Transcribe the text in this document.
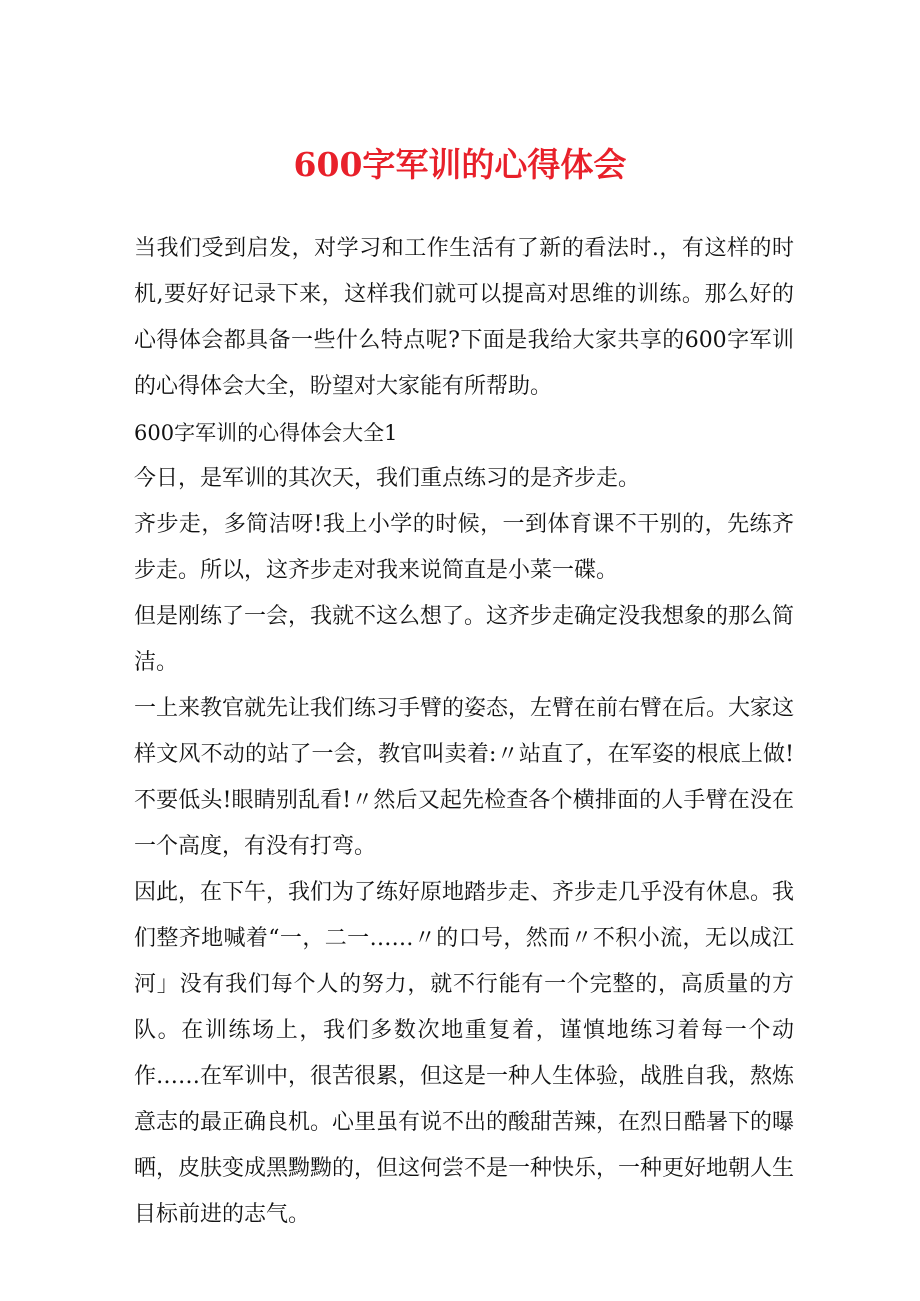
600字军训的心得体会

当我们受到启发，对学习和工作生活有了新的看法时.，有这样的时机,要好好记录下来，这样我们就可以提高对思维的训练。那么好的心得体会都具备一些什么特点呢?下面是我给大家共享的600字军训的心得体会大全，盼望对大家能有所帮助。

600字军训的心得体会大全1

今日，是军训的其次天，我们重点练习的是齐步走。

齐步走，多简洁呀!我上小学的时候，一到体育课不干别的，先练齐步走。所以，这齐步走对我来说简直是小菜一碟。

但是刚练了一会，我就不这么想了。这齐步走确定没我想象的那么简洁。

一上来教官就先让我们练习手臂的姿态，左臂在前右臂在后。大家这样文风不动的站了一会，教官叫卖着:〃站直了，在军姿的根底上做!不要低头!眼睛别乱看!〃然后又起先检查各个横排面的人手臂在没在一个高度，有没有打弯。

因此，在下午，我们为了练好原地踏步走、齐步走几乎没有休息。我们整齐地喊着“一，二一……〃的口号，然而〃不积小流，无以成江河」没有我们每个人的努力，就不行能有一个完整的，高质量的方队。在训练场上，我们多数次地重复着，谨慎地练习着每一个动作……在军训中，很苦很累，但这是一种人生体验，战胜自我，熬炼意志的最正确良机。心里虽有说不出的酸甜苦辣，在烈日酷暑下的曝晒，皮肤变成黑黝黝的，但这何尝不是一种快乐，一种更好地朝人生目标前进的志气。
